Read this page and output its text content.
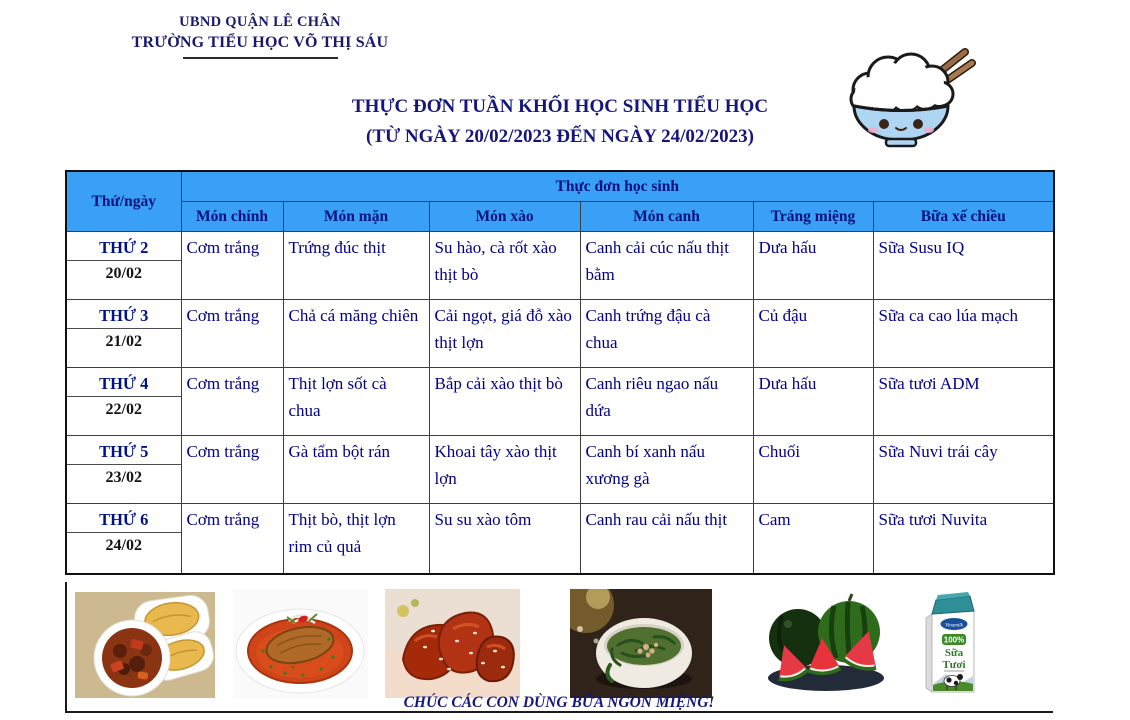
UBND QUẬN LÊ CHÂN
TRƯỜNG TIỂU HỌC VÕ THỊ SÁU
THỰC ĐƠN TUẦN KHỐI HỌC SINH TIỂU HỌC
(TỪ NGÀY 20/02/2023 ĐẾN NGÀY 24/02/2023)
Thứ/ngày	Thực đơn học sinh					
	Món chính	Món mặn	Món xào	Món canh	Tráng miệng	Bữa xế chiều

THỨ 2
20/02	Cơm trắng	Trứng đúc thịt	Su hào, cà rốt xào thịt bò	Canh cải cúc nấu thịt bằm	Dưa hấu	Sữa Susu IQ

THỨ 3
21/02	Cơm trắng	Chả cá măng chiên	Cải ngọt, giá đỗ xào thịt lợn	Canh trứng đậu cà chua	Củ đậu	Sữa ca cao lúa mạch

THỨ 4
22/02	Cơm trắng	Thịt lợn sốt cà chua	Bắp cải xào thịt bò	Canh riêu ngao nấu dứa	Dưa hấu	Sữa tươi ADM

THỨ 5
23/02	Cơm trắng	Gà tẩm bột rán	Khoai tây xào thịt lợn	Canh bí xanh nấu xương gà	Chuối	Sữa Nuvi trái cây

THỨ 6
24/02	Cơm trắng	Thịt bò, thịt lợn rim củ quả	Su su xào tôm	Canh rau cải nấu thịt	Cam	Sữa tươi Nuvita
Vinamilk
100%
Sữa
Tươi
CHÚC CÁC CON DÙNG BỮA NGON MIỆNG!
